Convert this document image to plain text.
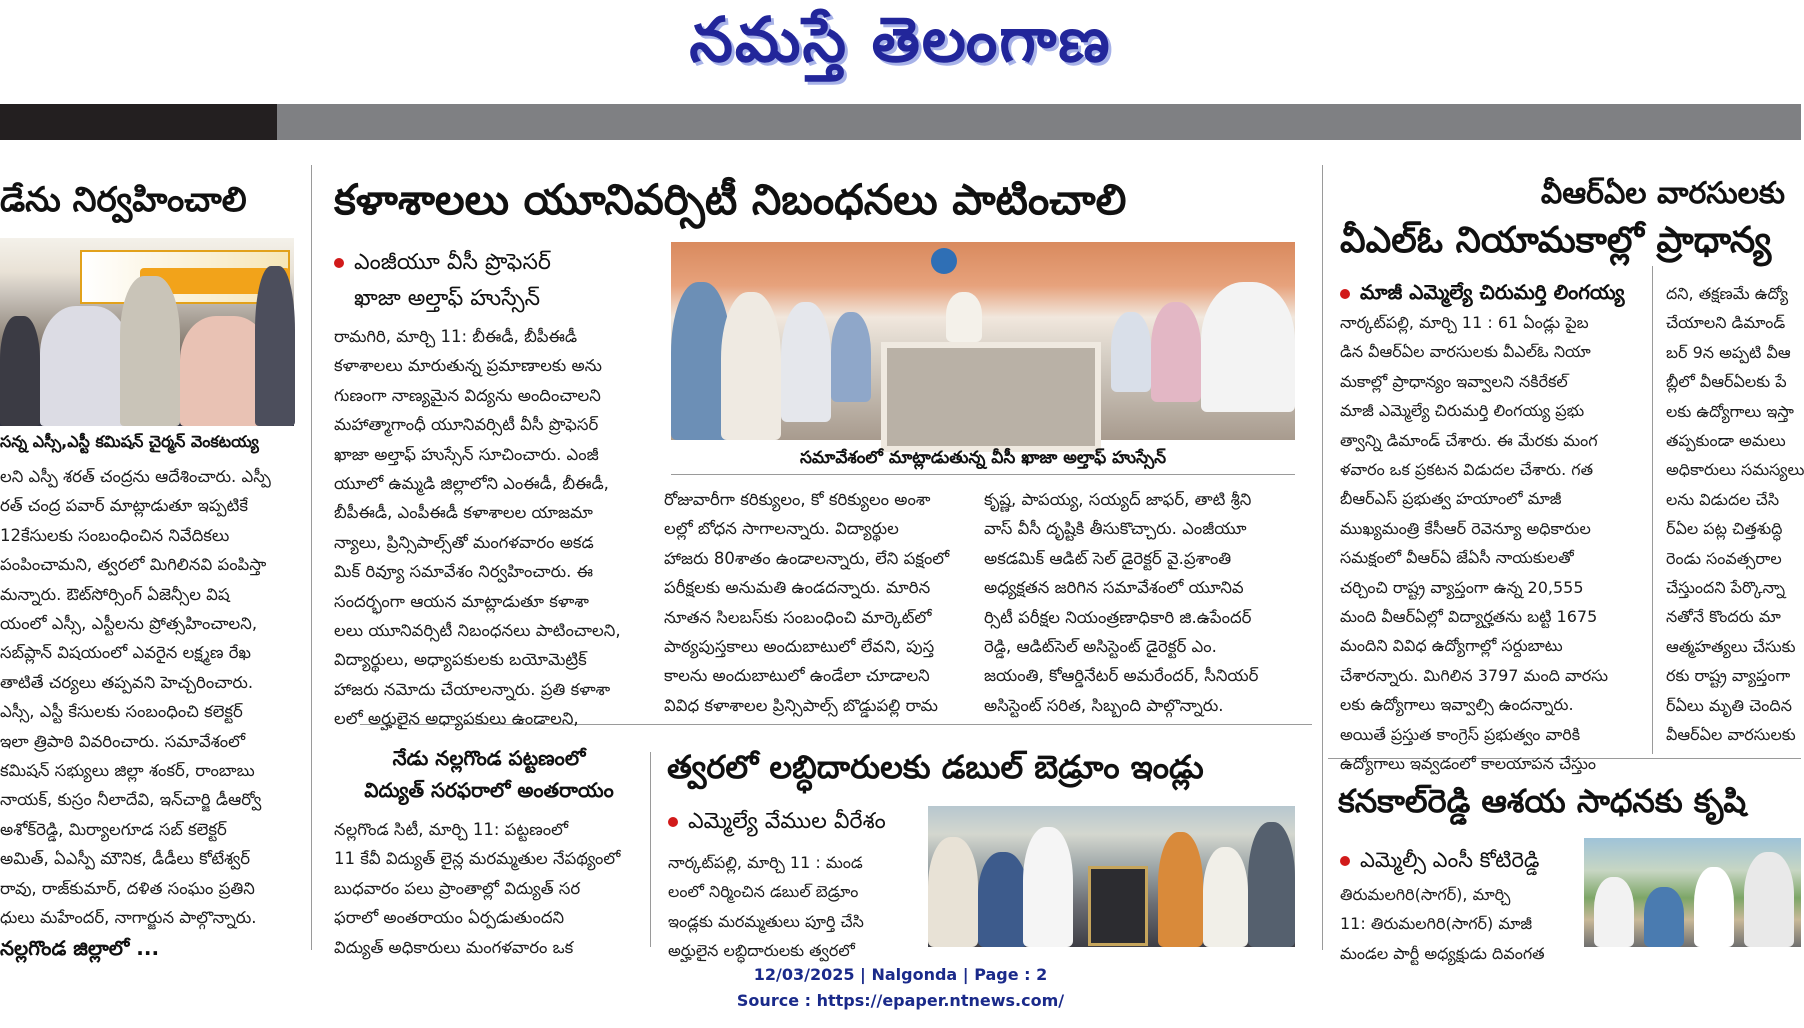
నమస్తే తెలంగాణ
డేను నిర్వహించాలి
సన్న ఎస్సీ,ఎస్టీ కమిషన్ చైర్మన్ వెంకటయ్య

లని ఎస్పీ శరత్ చంద్రను ఆదేశించారు. ఎస్పీ

రత్ చంద్ర పవార్ మాట్లాడుతూ ఇప్పటికే

12కేసులకు సంబంధించిన నివేదికలు

పంపించామని, త్వరలో మిగిలినవి పంపిస్తా

మన్నారు. ఔట్‌సోర్సింగ్ ఏజెన్సీల విష

యంలో ఎస్సీ, ఎస్టీలను ప్రోత్సహించాలని,

సబ్‌ప్లాన్ విషయంలో ఎవరైన లక్ష్మణ రేఖ

తాటితే చర్యలు తప్పవని హెచ్చరించారు.

ఎస్సీ, ఎస్టీ కేసులకు సంబంధించి కలెక్టర్

ఇలా త్రిపాఠి వివరించారు. సమావేశంలో

కమిషన్ సభ్యులు జిల్లా శంకర్, రాంబాబు

నాయక్, కుస్రం నీలాదేవి, ఇన్‌చార్జి డీఆర్వో

అశోక్‌రెడ్డి, మిర్యాలగూడ సబ్ కలెక్టర్

అమిత్, ఏఎస్పీ మౌనిక, డీడీలు కోటేశ్వర్

రావు, రాజ్‌కుమార్, దళిత సంఘం ప్రతిని

ధులు మహేందర్, నాగార్జున పాల్గొన్నారు.

కళాశాలలు యూనివర్సిటీ నిబంధనలు పాటించాలి
ఎంజీయూ వీసీ ప్రొఫెసర్
ఖాజా అల్తాఫ్ హుస్సేన్
సమావేశంలో మాట్లాడుతున్న వీసీ ఖాజా అల్తాఫ్ హుస్సేన్

రామగిరి, మార్చి 11: బీఈడీ, బీపీఈడీ

కళాశాలలు మారుతున్న ప్రమాణాలకు అను

గుణంగా నాణ్యమైన విద్యను అందించాలని

మహాత్మాగాంధీ యూనివర్సిటీ వీసీ ప్రొఫెసర్

ఖాజా అల్తాఫ్ హుస్సేన్ సూచించారు. ఎంజీ

యూలో ఉమ్మడి జిల్లాలోని ఎంఈడీ, బీఈడీ,

బీపీఈడీ, ఎంపీఈడీ కళాశాలల యాజమా

న్యాలు, ప్రిన్సిపాల్స్‌తో మంగళవారం అకడ

మిక్ రివ్యూ సమావేశం నిర్వహించారు. ఈ

సందర్భంగా ఆయన మాట్లాడుతూ కళాశా

లలు యూనివర్సిటీ నిబంధనలు పాటించాలని,

విద్యార్థులు, అధ్యాపకులకు బయోమెట్రిక్

హాజరు నమోదు చేయాలన్నారు. ప్రతి కళాశా

లలో అర్హులైన అధ్యాపకులు ఉండాలని,

రోజువారీగా కరిక్యులం, కో కరిక్యులం అంశా

లల్లో బోధన సాగాలన్నారు. విద్యార్థుల

హాజరు 80శాతం ఉండాలన్నారు, లేని పక్షంలో

పరీక్షలకు అనుమతి ఉండదన్నారు. మారిన

నూతన సిలబస్‌కు సంబంధించి మార్కెట్‌లో

పాఠ్యపుస్తకాలు అందుబాటులో లేవని, పుస్త

కాలను అందుబాటులో ఉండేలా చూడాలని

వివిధ కళాశాలల ప్రిన్సిపాల్స్ బొడ్డుపల్లి రామ

కృష్ణ, పాపయ్య, సయ్యద్ జాఫర్, తాటి శ్రీని

వాస్ వీసీ దృష్టికి తీసుకొచ్చారు. ఎంజీయూ

అకడమిక్ ఆడిట్ సెల్ డైరెక్టర్ వై.ప్రశాంతి

అధ్యక్షతన జరిగిన సమావేశంలో యూనివ

ర్సిటీ పరీక్షల నియంత్రణాధికారి జి.ఉపేందర్

రెడ్డి, ఆడిట్‌సెల్ అసిస్టెంట్ డైరెక్టర్ ఎం.

జయంతి, కోఆర్డినేటర్ అమరేందర్, సీనియర్

అసిస్టెంట్ సరిత, సిబ్బంది పాల్గొన్నారు.

నేడు నల్లగొండ పట్టణంలో
విద్యుత్ సరఫరాలో అంతరాయం

నల్లగొండ సిటీ, మార్చి 11: పట్టణంలో

11 కేవీ విద్యుత్ లైన్ల మరమ్మతుల నేపథ్యంలో

బుధవారం పలు ప్రాంతాల్లో విద్యుత్ సర

ఫరాలో అంతరాయం ఏర్పడుతుందని

విద్యుత్ అధికారులు మంగళవారం ఒక

త్వరలో లబ్ధిదారులకు డబుల్ బెడ్రూం ఇండ్లు
ఎమ్మెల్యే వేముల వీరేశం

నార్కట్‌పల్లి, మార్చి 11 : మండ

లంలో నిర్మించిన డబుల్ బెడ్రూం

ఇండ్లకు మరమ్మతులు పూర్తి చేసి

అర్హులైన లబ్ధిదారులకు త్వరలో

వీఆర్ఏల వారసులకు
వీఎల్ఓ నియామకాల్లో ప్రాధాన్య
మాజీ ఎమ్మెల్యే చిరుమర్తి లింగయ్య

నార్కట్‌పల్లి, మార్చి 11 : 61 ఏండ్లు పైబ

డిన వీఆర్ఏల వారసులకు వీఎల్ఓ నియా

మకాల్లో ప్రాధాన్యం ఇవ్వాలని నకిరేకల్

మాజీ ఎమ్మెల్యే చిరుమర్తి లింగయ్య ప్రభు

త్వాన్ని డిమాండ్ చేశారు. ఈ మేరకు మంగ

ళవారం ఒక ప్రకటన విడుదల చేశారు. గత

బీఆర్ఎస్ ప్రభుత్వ హయాంలో మాజీ

ముఖ్యమంత్రి కేసీఆర్ రెవెన్యూ అధికారుల

సమక్షంలో వీఆర్ఏ జేఏసీ నాయకులతో

చర్చించి రాష్ట్ర వ్యాప్తంగా ఉన్న 20,555

మంది వీఆర్ఏల్లో విద్యార్హతను బట్టి 1675

మందిని వివిధ ఉద్యోగాల్లో సర్దుబాటు

చేశారన్నారు. మిగిలిన 3797 మంది వారసు

లకు ఉద్యోగాలు ఇవ్వాల్సి ఉందన్నారు.

అయితే ప్రస్తుత కాంగ్రెస్ ప్రభుత్వం వారికి

ఉద్యోగాలు ఇవ్వడంలో కాలయాపన చేస్తుం

దని, తక్షణమే ఉద్యో

చేయాలని డిమాండ్

బర్ 9న అప్పటి వీఆ

బ్లీలో వీఆర్ఏలకు పే

లకు ఉద్యోగాలు ఇస్తా

తప్పకుండా అమలు

అధికారులు సమస్యలు

లను విడుదల చేసి

ర్ఏల పట్ల చిత్తశుద్ధి

రెండు సంవత్సరాల

చేస్తుందని పేర్కొన్నా

నతోనే కొందరు మా

ఆత్మహత్యలు చేసుకు

రకు రాష్ట్ర వ్యాప్తంగా

ర్ఏలు మృతి చెందిన

వీఆర్ఏల వారసులకు

కనకాల్‌రెడ్డి ఆశయ సాధనకు కృషి
ఎమ్మెల్సీ ఎంసీ కోటిరెడ్డి

తిరుమలగిరి(సాగర్), మార్చి

11: తిరుమలగిరి(సాగర్) మాజీ

మండల పార్టీ అధ్యక్షుడు దివంగత

నల్లగొండ జిల్లాలో ...
12/03/2025 | Nalgonda | Page : 2
Source : https://epaper.ntnews.com/
